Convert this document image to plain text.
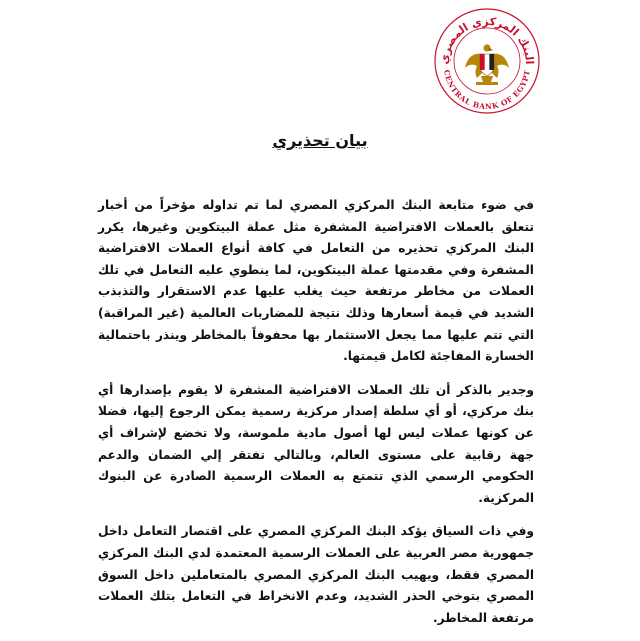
البنك المركزي المصري
CENTRAL BANK OF EGYPT
بيان تحذيري

في ضوء متابعة البنك المركزي المصري لما تم تداوله مؤخراً من أخبار تتعلق بالعملات الافتراضية المشفرة مثل عملة البيتكوين وغيرها، يكرر البنك المركزي تحذيره من التعامل في كافة أنواع العملات الافتراضية المشفرة وفي مقدمتها عملة البيتكوين، لما ينطوي عليه التعامل في تلك العملات من مخاطر مرتفعة حيث يغلب عليها عدم الاستقرار والتذبذب الشديد في قيمة أسعارها وذلك نتيجة للمضاربات العالمية (غير المراقبة) التي تتم عليها مما يجعل الاستثمار بها محفوفاً بالمخاطر وينذر باحتمالية الخسارة المفاجئة لكامل قيمتها.

وجدير بالذكر أن تلك العملات الافتراضية المشفرة لا يقوم بإصدارها أي بنك مركزي، أو أي سلطة إصدار مركزية رسمية يمكن الرجوع إليها، فضلا عن كونها عملات ليس لها أصول مادية ملموسة، ولا تخضع لإشراف أي جهة رقابية على مستوى العالم، وبالتالي تفتقر إلي الضمان والدعم الحكومي الرسمي الذي تتمتع به العملات الرسمية الصادرة عن البنوك المركزية.

وفي ذات السياق يؤكد البنك المركزي المصري على اقتصار التعامل داخل جمهورية مصر العربية على العملات الرسمية المعتمدة لدي البنك المركزي المصري فقط، ويهيب البنك المركزي المصري بالمتعاملين داخل السوق المصري بتوخي الحذر الشديد، وعدم الانخراط في التعامل بتلك العملات مرتفعة المخاطر.
